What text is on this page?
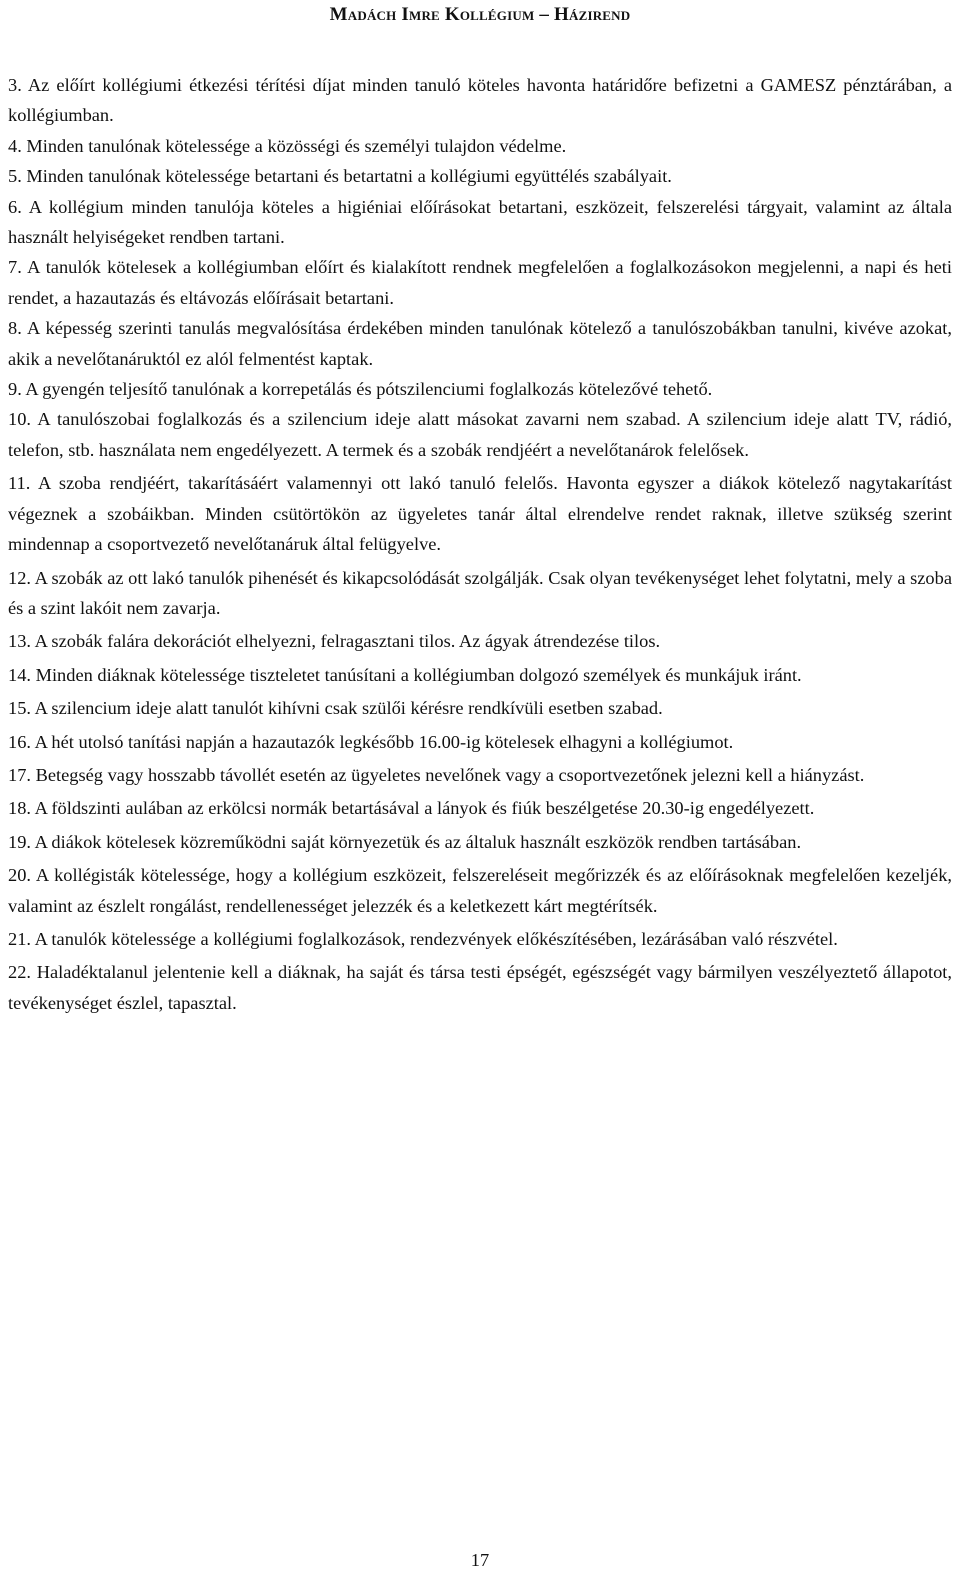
Madách Imre Kollégium – Házirend

3. Az előírt kollégiumi étkezési térítési díjat minden tanuló köteles havonta határidőre befizetni a GAMESZ pénztárában, a kollégiumban.

4. Minden tanulónak kötelessége a közösségi és személyi tulajdon védelme.

5. Minden tanulónak kötelessége betartani és betartatni a kollégiumi együttélés szabályait.

6. A kollégium minden tanulója köteles a higiéniai előírásokat betartani, eszközeit, felszerelési tárgyait, valamint az általa használt helyiségeket rendben tartani.

7. A tanulók kötelesek a kollégiumban előírt és kialakított rendnek megfelelően a foglalkozásokon megjelenni, a napi és heti rendet, a hazautazás és eltávozás előírásait betartani.

8. A képesség szerinti tanulás megvalósítása érdekében minden tanulónak kötelező a tanulószobákban tanulni, kivéve azokat, akik a nevelőtanáruktól ez alól felmentést kaptak.

9. A gyengén teljesítő tanulónak a korrepetálás és pótszilenciumi foglalkozás kötelezővé tehető.

10. A tanulószobai foglalkozás és a szilencium ideje alatt másokat zavarni nem szabad. A szilencium ideje alatt TV, rádió, telefon, stb. használata nem engedélyezett. A termek és a szobák rendjéért a nevelőtanárok felelősek.

11. A szoba rendjéért, takarításáért valamennyi ott lakó tanuló felelős. Havonta egyszer a diákok kötelező nagytakarítást végeznek a szobáikban. Minden csütörtökön az ügyeletes tanár által elrendelve rendet raknak, illetve szükség szerint mindennap a csoportvezető nevelőtanáruk által felügyelve.

12. A szobák az ott lakó tanulók pihenését és kikapcsolódását szolgálják. Csak olyan tevékenységet lehet folytatni, mely a szoba és a szint lakóit nem zavarja.

13. A szobák falára dekorációt elhelyezni, felragasztani tilos. Az ágyak átrendezése tilos.

14. Minden diáknak kötelessége tiszteletet tanúsítani a kollégiumban dolgozó személyek és munkájuk iránt.

15. A szilencium ideje alatt tanulót kihívni csak szülői kérésre rendkívüli esetben szabad.

16. A hét utolsó tanítási napján a hazautazók legkésőbb 16.00-ig kötelesek elhagyni a kollégiumot.

17. Betegség vagy hosszabb távollét esetén az ügyeletes nevelőnek vagy a csoportvezetőnek jelezni kell a hiányzást.

18. A földszinti aulában az erkölcsi normák betartásával a lányok és fiúk beszélgetése 20.30-ig engedélyezett.

19. A diákok kötelesek közreműködni saját környezetük és az általuk használt eszközök rendben tartásában.

20. A kollégisták kötelessége, hogy a kollégium eszközeit, felszereléseit megőrizzék és az előírásoknak megfelelően kezeljék, valamint az észlelt rongálást, rendellenességet jelezzék és a keletkezett kárt megtérítsék.

21. A tanulók kötelessége a kollégiumi foglalkozások, rendezvények előkészítésében, lezárásában való részvétel.

22. Haladéktalanul jelentenie kell a diáknak, ha saját és társa testi épségét, egészségét vagy bármilyen veszélyeztető állapotot, tevékenységet észlel, tapasztal.

17
